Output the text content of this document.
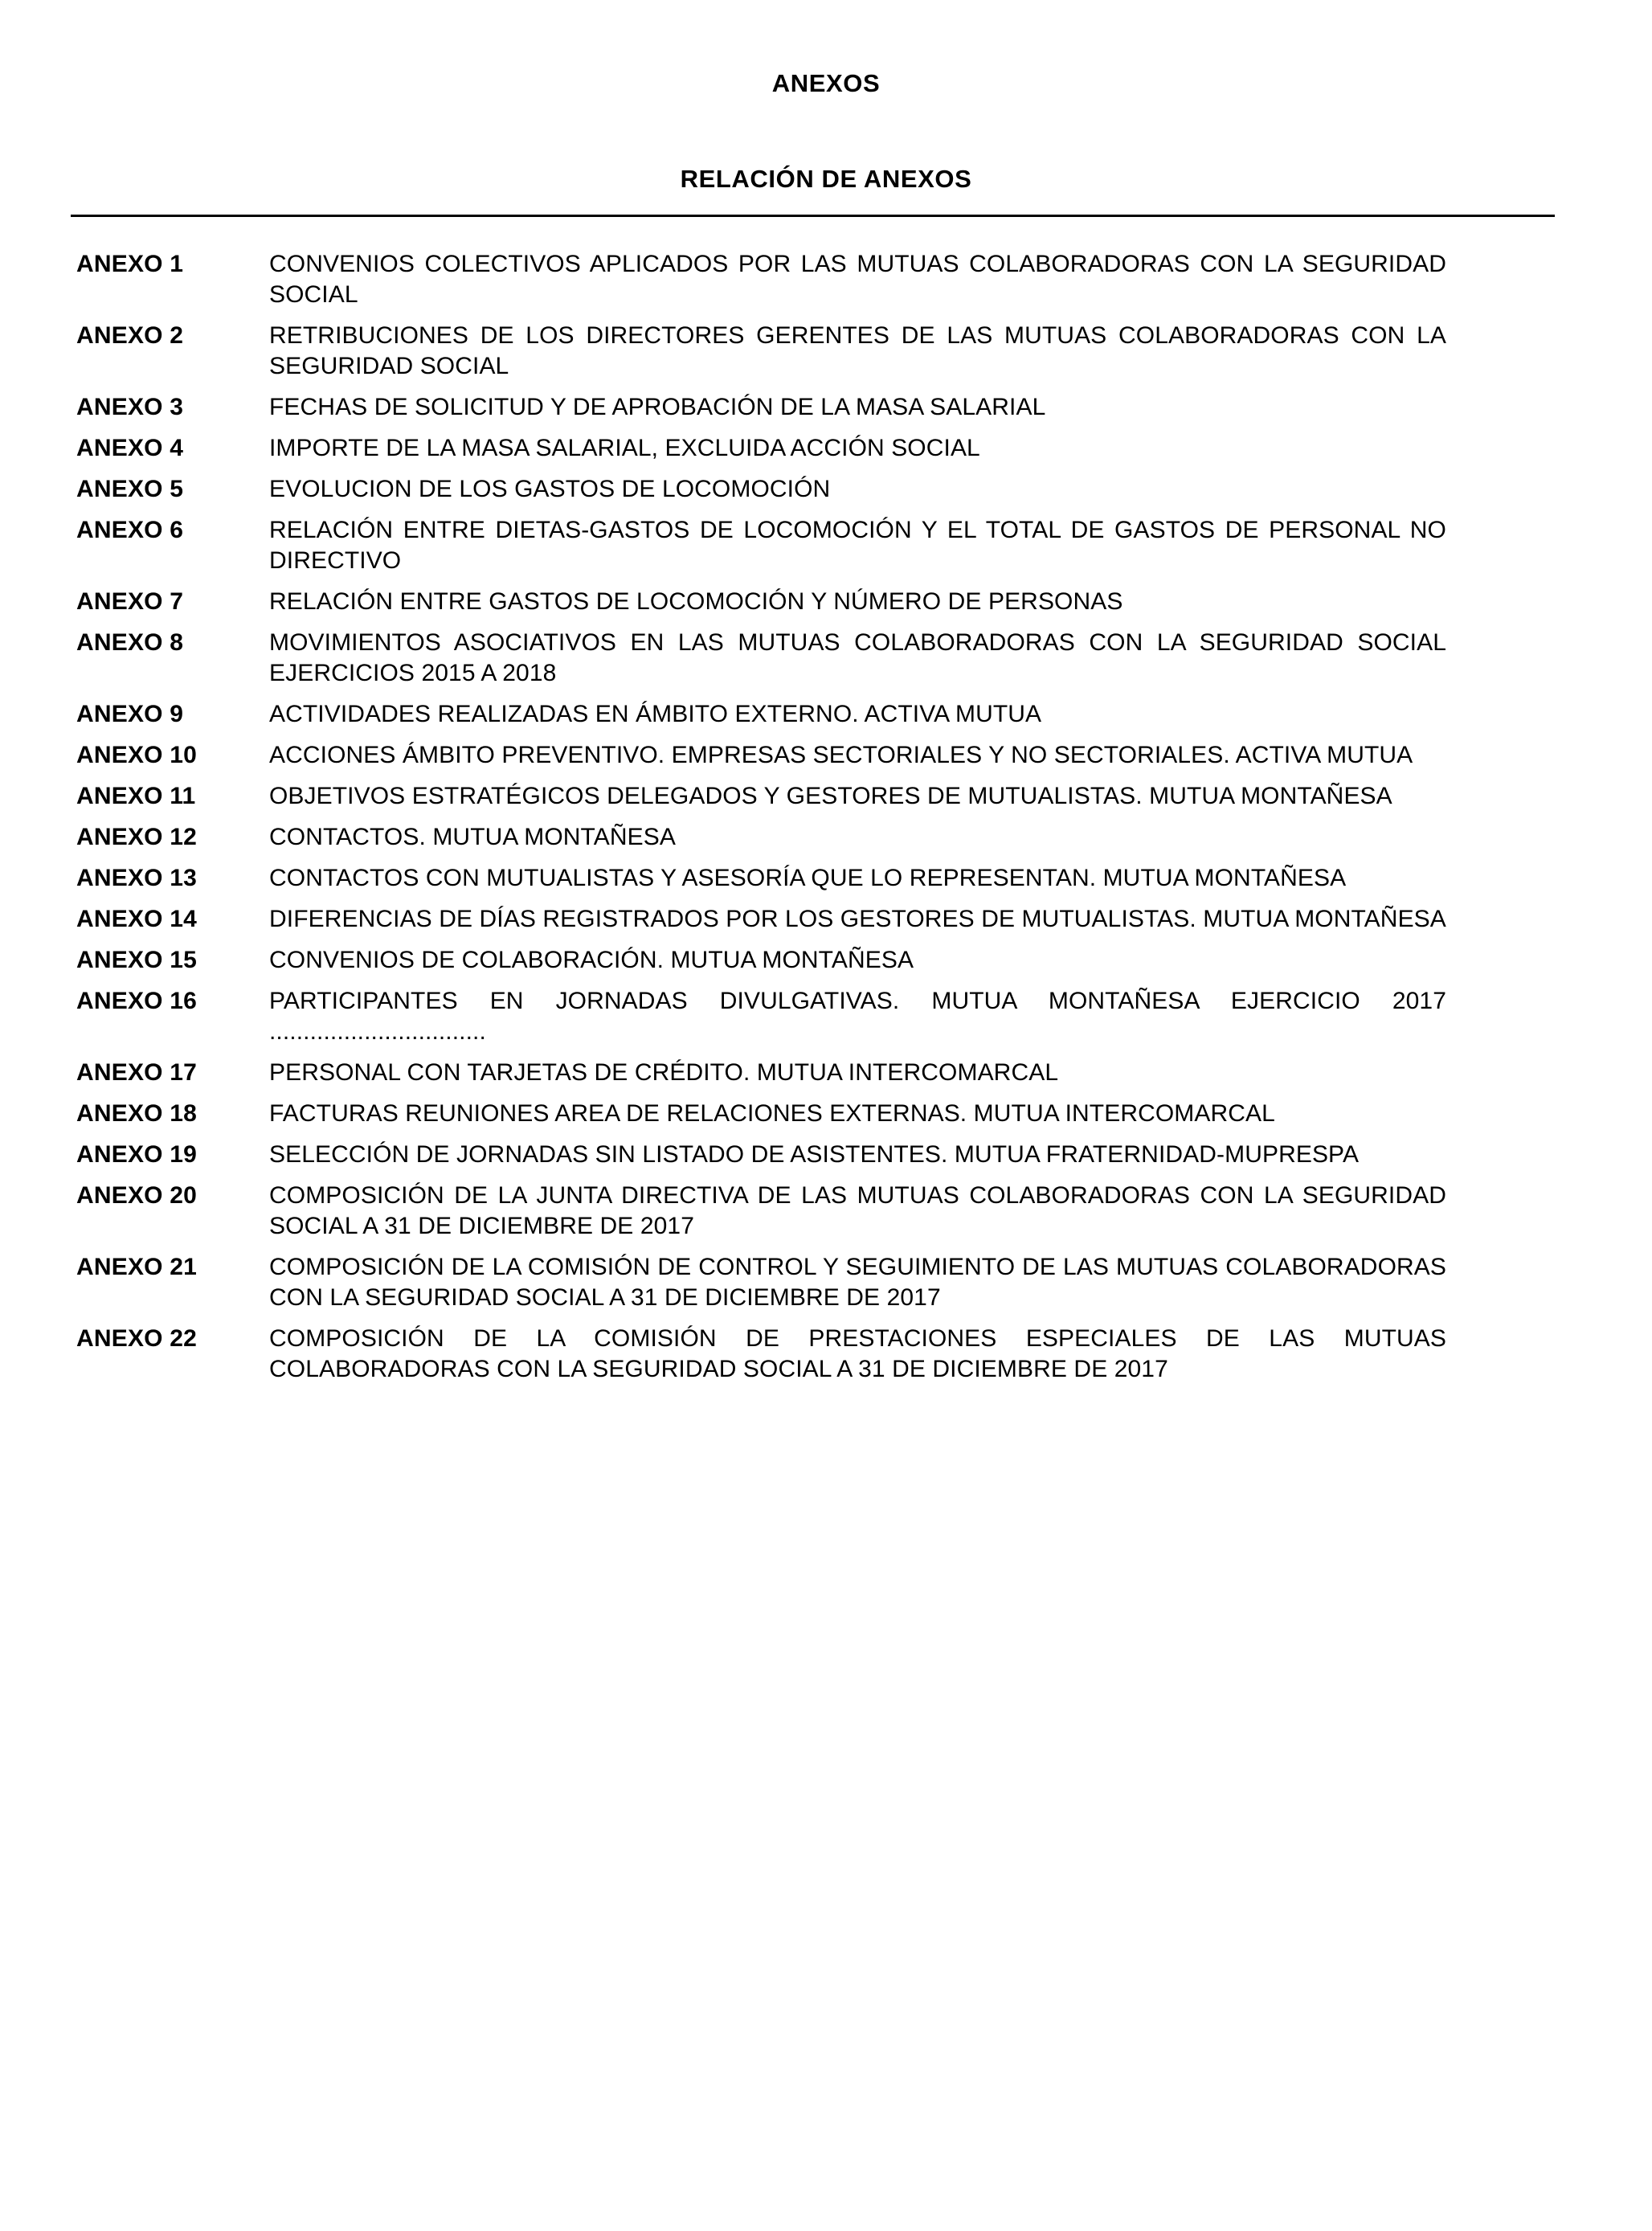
ANEXOS
RELACIÓN DE ANEXOS
ANEXO 1	CONVENIOS COLECTIVOS APLICADOS POR LAS MUTUAS COLABORADORAS CON LA SEGURIDAD SOCIAL
ANEXO 2	RETRIBUCIONES DE LOS DIRECTORES GERENTES DE LAS MUTUAS COLABORADORAS CON LA SEGURIDAD SOCIAL
ANEXO 3	FECHAS DE SOLICITUD Y DE APROBACIÓN DE LA MASA SALARIAL
ANEXO 4	IMPORTE DE LA MASA SALARIAL, EXCLUIDA ACCIÓN SOCIAL
ANEXO 5	EVOLUCION DE LOS GASTOS DE LOCOMOCIÓN
ANEXO 6	RELACIÓN ENTRE DIETAS-GASTOS DE LOCOMOCIÓN Y EL TOTAL DE GASTOS DE PERSONAL NO DIRECTIVO
ANEXO 7	RELACIÓN ENTRE GASTOS DE LOCOMOCIÓN Y NÚMERO DE PERSONAS
ANEXO 8	MOVIMIENTOS ASOCIATIVOS EN LAS MUTUAS COLABORADORAS CON LA SEGURIDAD SOCIAL EJERCICIOS 2015 A 2018
ANEXO 9	ACTIVIDADES REALIZADAS EN ÁMBITO EXTERNO. ACTIVA MUTUA
ANEXO 10	ACCIONES ÁMBITO PREVENTIVO. EMPRESAS SECTORIALES Y NO SECTORIALES. ACTIVA MUTUA
ANEXO 11	OBJETIVOS ESTRATÉGICOS DELEGADOS Y GESTORES DE MUTUALISTAS. MUTUA MONTAÑESA
ANEXO 12	CONTACTOS. MUTUA MONTAÑESA
ANEXO 13	CONTACTOS CON MUTUALISTAS Y ASESORÍA QUE LO REPRESENTAN. MUTUA MONTAÑESA
ANEXO 14	DIFERENCIAS DE DÍAS REGISTRADOS POR LOS GESTORES DE MUTUALISTAS. MUTUA MONTAÑESA
ANEXO 15	CONVENIOS DE COLABORACIÓN. MUTUA MONTAÑESA
ANEXO 16	PARTICIPANTES EN JORNADAS DIVULGATIVAS. MUTUA MONTAÑESA EJERCICIO 2017 ................................
ANEXO 17	PERSONAL CON TARJETAS DE CRÉDITO. MUTUA INTERCOMARCAL
ANEXO 18	FACTURAS REUNIONES AREA DE RELACIONES EXTERNAS. MUTUA INTERCOMARCAL
ANEXO 19	SELECCIÓN DE JORNADAS SIN LISTADO DE ASISTENTES. MUTUA FRATERNIDAD-MUPRESPA
ANEXO 20	COMPOSICIÓN DE LA JUNTA DIRECTIVA DE LAS MUTUAS COLABORADORAS CON LA SEGURIDAD SOCIAL A 31 DE DICIEMBRE DE 2017
ANEXO 21	COMPOSICIÓN DE LA COMISIÓN DE CONTROL Y SEGUIMIENTO DE LAS MUTUAS COLABORADORAS CON LA SEGURIDAD SOCIAL A 31 DE DICIEMBRE DE 2017
ANEXO 22	COMPOSICIÓN DE LA COMISIÓN DE PRESTACIONES ESPECIALES DE LAS MUTUAS COLABORADORAS CON LA SEGURIDAD SOCIAL A 31 DE DICIEMBRE DE 2017
